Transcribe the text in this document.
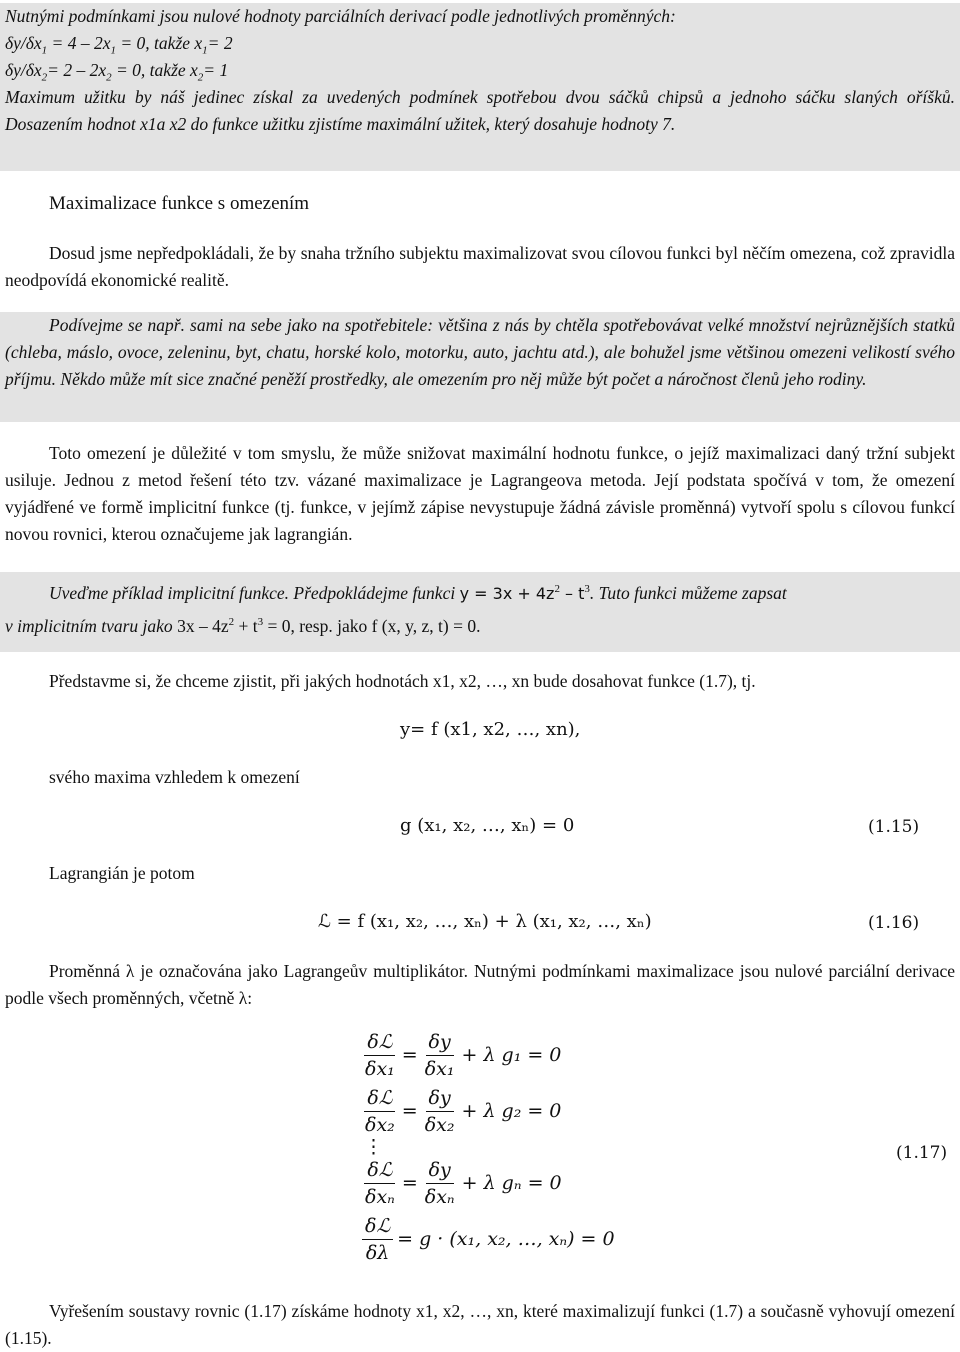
Nutnými podmínkami jsou nulové hodnoty parciálních derivací podle jednotlivých proměnných:

$\delta y/\delta x_1 = 4 - 2x_1 = 0$, takže $x_1= 2$

$\delta y/\delta x_2= 2 - 2x_2 = 0$, takže $x_2= 1$

Maximum užitku by náš jedinec získal za uvedených podmínek spotřebou dvou sáčků chipsů a jednoho sáčku slaných oříšků. Dosazením hodnot x1a x2 do funkce užitku zjistíme maximální užitek, který dosahuje hodnoty 7.

Maximalizace funkce s omezením
Dosud jsme nepředpokládali, že by snaha tržního subjektu maximalizovat svou cílovou funkci byl něčím omezena, což zpravidla neodpovídá ekonomické realitě.
Podívejme se např. sami na sebe jako na spotřebitele: většina z nás by chtěla spotřebovávat velké množství nejrůznějších statků (chleba, máslo, ovoce, zeleninu, byt, chatu, horské kolo, motorku, auto, jachtu atd.), ale bohužel jsme většinou omezeni velikostí svého příjmu. Někdo může mít sice značné peněží prostředky, ale omezením pro něj může být počet a náročnost členů jeho rodiny.
Toto omezení je důležité v tom smyslu, že může snižovat maximální hodnotu funkce, o jejíž maximalizaci daný tržní subjekt usiluje. Jednou z metod řešení této tzv. vázané maximalizace je Lagrangeova metoda. Její podstata spočívá v tom, že omezení vyjádřené ve formě implicitní funkce (tj. funkce, v jejímž zápise nevystupuje žádná závisle proměnná) vytvoří spolu s cílovou funkcí novou rovnici, kterou označujeme jak lagrangián.

Uveďme příklad implicitní funkce. Předpokládejme funkci $y = 3x + 4z^2 - t^3$. Tuto funkci můžeme zapsat

v implicitním tvaru jako $3x - 4z^2 + t^3 = 0$, resp. jako f (x, y, z, t) = 0.

Představme si, že chceme zjistit, při jakých hodnotách x1, x2, …, xn bude dosahovat funkce (1.7), tj.
y= f (x1, x2, …, xn),
svého maxima vzhledem k omezení
g (x₁, x₂, …, xₙ) = 0	(1.15)
Lagrangián je potom
ℒ = f (x₁, x₂, …, xₙ) + λ (x₁, x₂, …, xₙ)	(1.16)
Proměnná λ je označována jako Lagrangeův multiplikátor. Nutnými podmínkami maximalizace jsou nulové parciální derivace podle všech proměnných, včetně λ:
$\frac{\text{δℒ}}{\text{δx₁}} = \frac{\delta y}{\text{δx₁}} + \lambda$ g₁ = 0
$\frac{\text{δℒ}}{\text{δx₂}} = \frac{\delta y}{\text{δx₂}} + \lambda$ g₂ = 0
⋮
$\frac{\text{δℒ}}{\text{δxₙ}} = \frac{\delta y}{\text{δxₙ}} + \lambda$ gₙ = 0
$\frac{\text{δℒ}}{\delta\lambda} = g \cdot (x_1$, x₂, …, xₙ) = 0
(1.17)
Vyřešením soustavy rovnic (1.17) získáme hodnoty x1, x2, …, xn, které maximalizují funkci (1.7) a současně vyhovují omezení (1.15).
